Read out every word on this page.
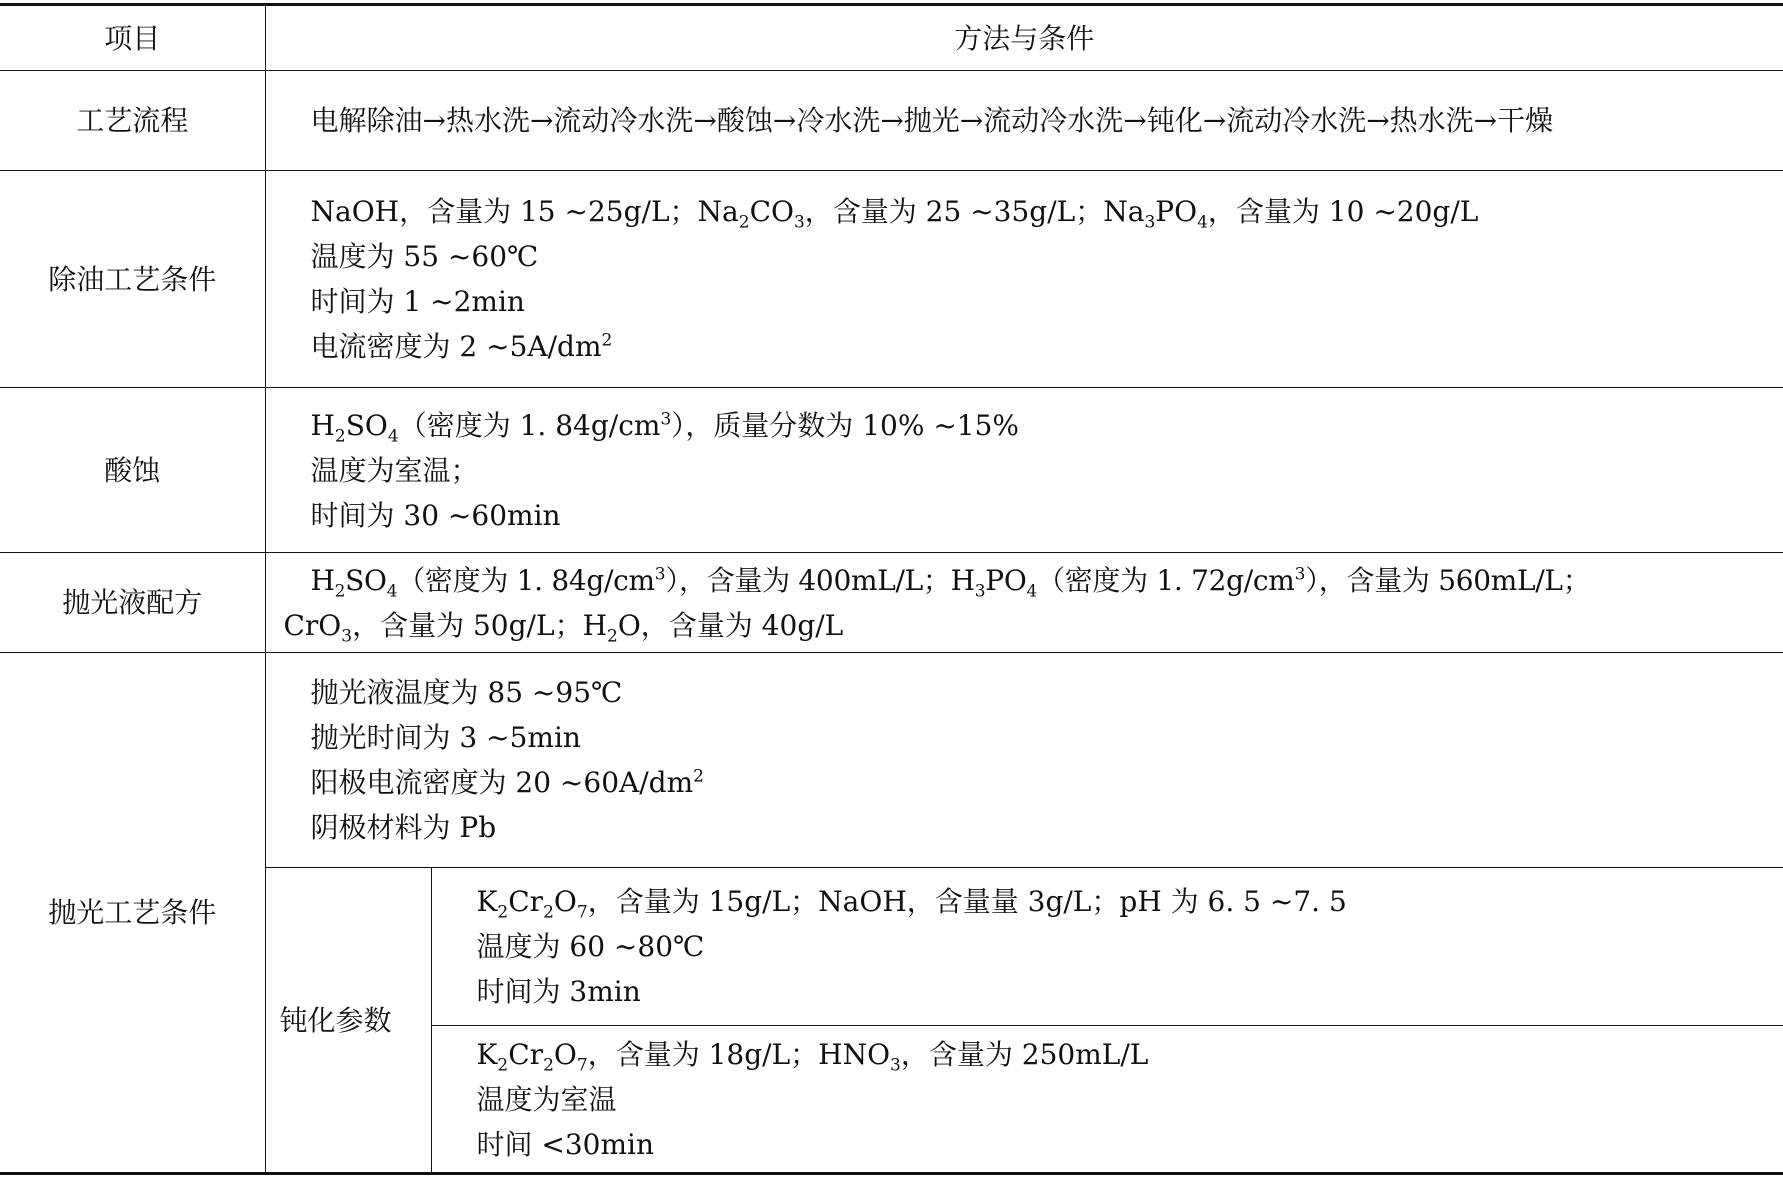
项目	方法与条件	
工艺流程	电解除油→热水洗→流动冷水洗→酸蚀→冷水洗→抛光→流动冷水洗→钝化→流动冷水洗→热水洗→干燥	

除油工艺条件	NaOH，含量为 15 ~25g/L；$Na_2CO_3$，含量为 25 ~35g/L；$Na_3PO_4$，含量为 10 ~20g/L
温度为 55 ~60℃
时间为 1 ~2min
电流密度为 2 $\sim 5A/dm^2$

酸蚀	$H_2SO_4$（密度为 1. $84g/cm^3$），质量分数为 10% ~15%
温度为室温；
时间为 30 ~60min	

抛光液配方	$H_2SO_4$（密度为 1. $84g/cm^3$），含量为 400mL/L；$H_3PO_4$（密度为 1. $72g/cm^3$），含量为 560mL/L；
CrO$_3$，含量为 50g/L；$H_2O$，含量为 40g/L	

抛光工艺条件	抛光液温度为 85 ~95℃
抛光时间为 3 ~5min
阳极电流密度为 20 $\sim 60A/dm^2$
阴极材料为 Pb	

	钝化参数	$K_2Cr_2O_7$，含量为 15g/L；NaOH，含量量 3g/L；pH 为 6. 5 ~7. 5
温度为 60 ~80℃
时间为 3min

		$K_2Cr_2O_7$，含量为 18g/L；$HNO_3$，含量为 250mL/L
温度为室温
时间 <30min
